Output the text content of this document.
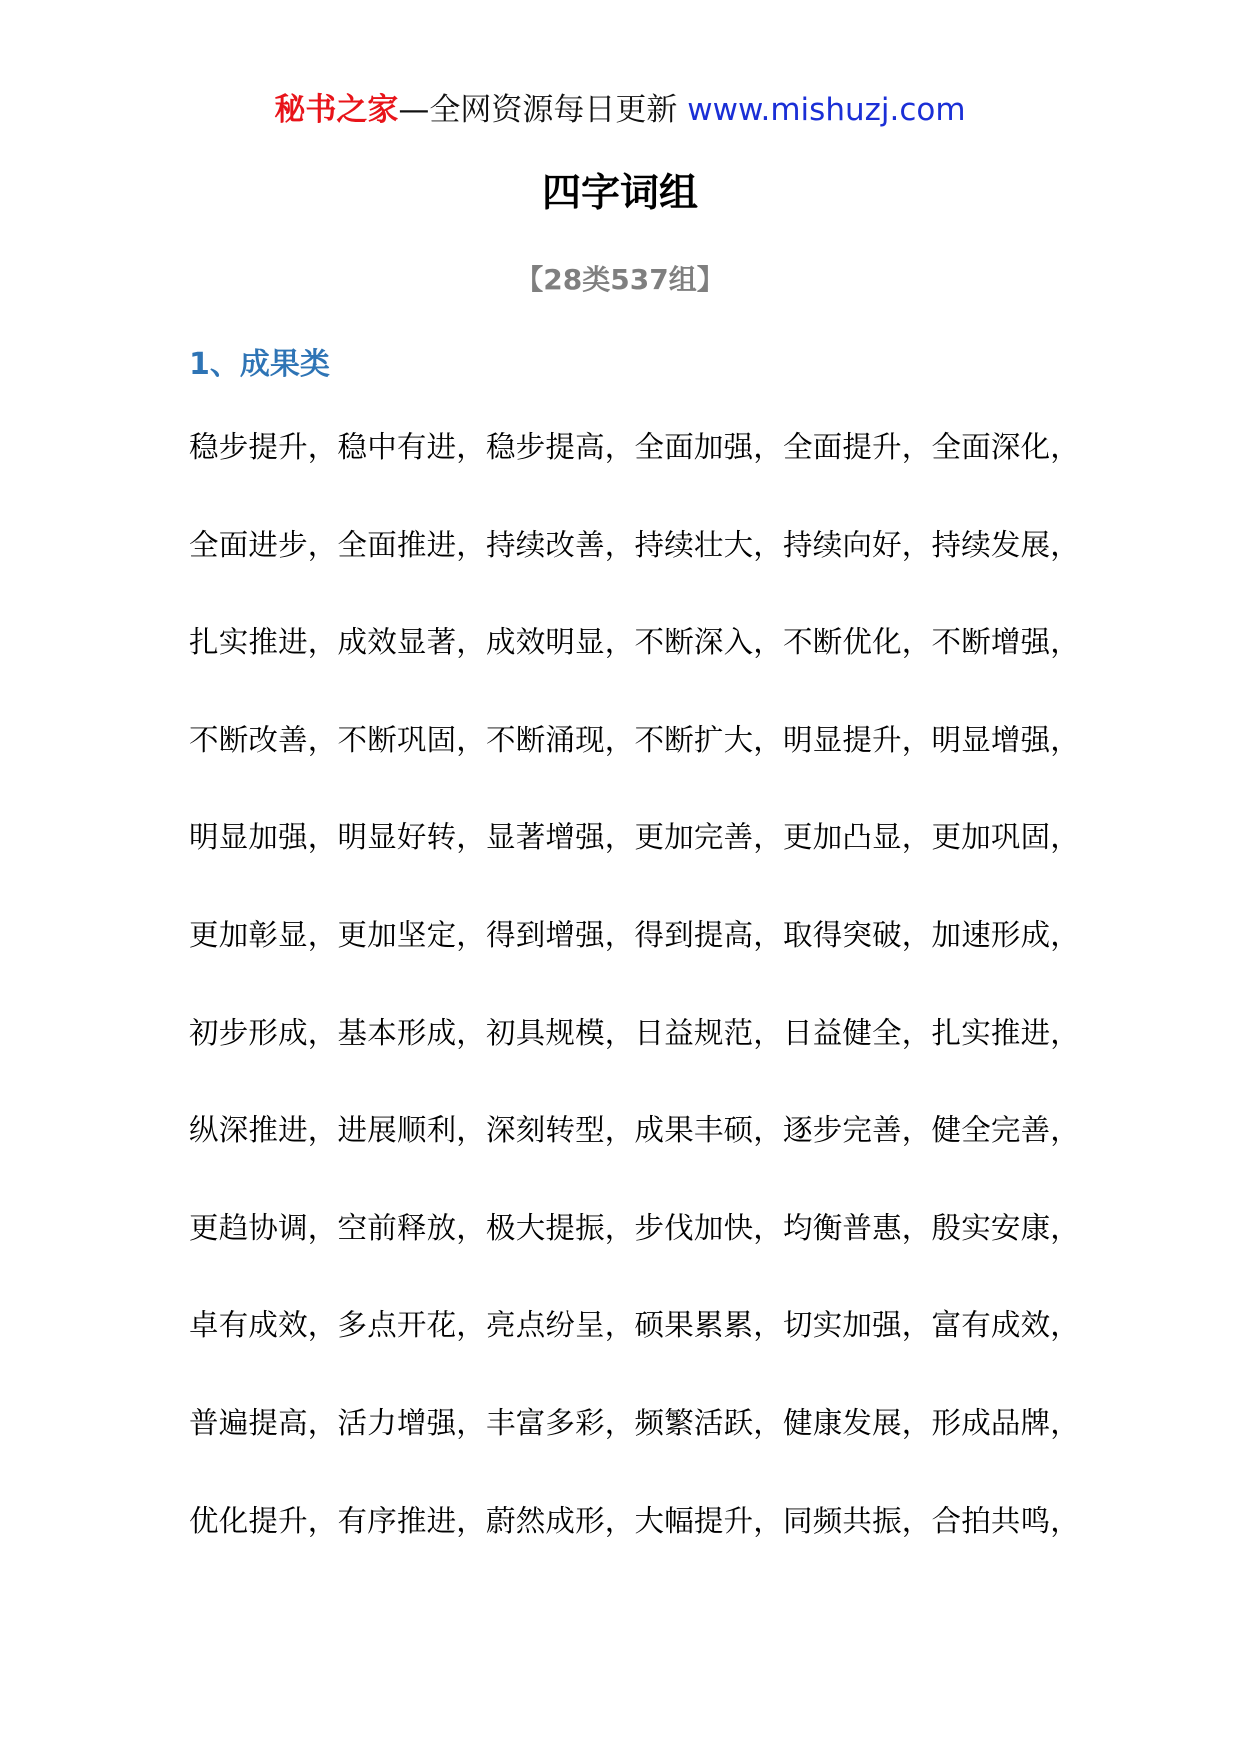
秘书之家—全网资源每日更新 www.mishuzj.com
四字词组
【28类537组】
1、成果类
稳步提升，稳中有进，稳步提高，全面加强，全面提升，全面深化，
全面进步，全面推进，持续改善，持续壮大，持续向好，持续发展，
扎实推进，成效显著，成效明显，不断深入，不断优化，不断增强，
不断改善，不断巩固，不断涌现，不断扩大，明显提升，明显增强，
明显加强，明显好转，显著增强，更加完善，更加凸显，更加巩固，
更加彰显，更加坚定，得到增强，得到提高，取得突破，加速形成，
初步形成，基本形成，初具规模，日益规范，日益健全，扎实推进，
纵深推进，进展顺利，深刻转型，成果丰硕，逐步完善，健全完善，
更趋协调，空前释放，极大提振，步伐加快，均衡普惠，殷实安康，
卓有成效，多点开花，亮点纷呈，硕果累累，切实加强，富有成效，
普遍提高，活力增强，丰富多彩，频繁活跃，健康发展，形成品牌，
优化提升，有序推进，蔚然成形，大幅提升，同频共振，合拍共鸣，
